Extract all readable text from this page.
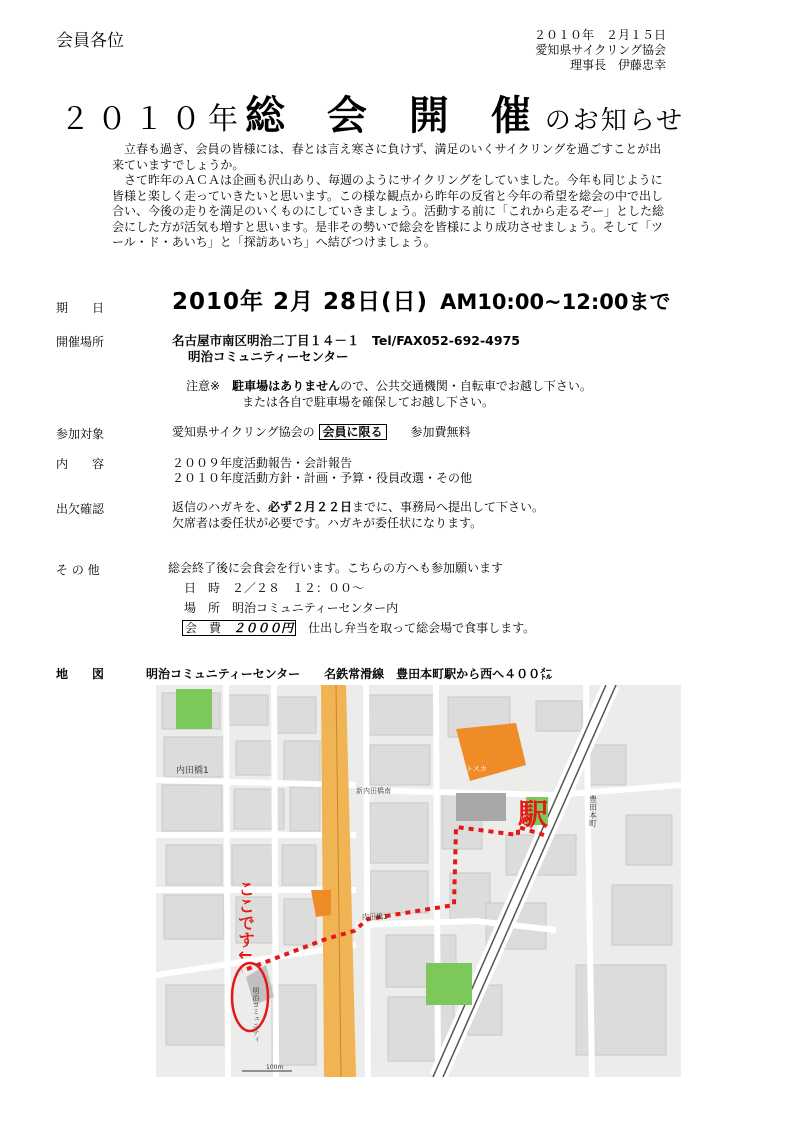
会員各位	２０１０年　２月１５日
愛知県サイクリング協会
理事長　伊藤忠幸
２０１０年総 会 開 催のお知らせ

立春も過ぎ、会員の皆様には、春とは言え寒さに負けず、満足のいくサイクリングを過ごすことが出来ていますでしょうか。

さて昨年のＡＣＡは企画も沢山あり、毎週のようにサイクリングをしていました。今年も同じように皆様と楽しく走っていきたいと思います。この様な観点から昨年の反省と今年の希望を総会の中で出し合い、今後の走りを満足のいくものにしていきましょう。活動する前に「これから走るぞー」とした総会にした方が活気も増すと思います。是非その勢いで総会を皆様により成功させましょう。そして「ツール・ド・あいち」と「探訪あいち」へ結びつけましょう。

期　　日	2010年 2月 28日(日) AM10:00~12:00まで
開催場所	名古屋市南区明治二丁目１４－１　Tel/FAX052-692-4975
明治コミュニティーセンター
注意※　 駐車場はありませんので、公共交通機関・自転車でお越し下さい。
または各自で駐車場を確保してお越し下さい。
参加対象	愛知県サイクリング協会の 会員に限る　　 参加費無料
内　　容	２００９年度活動報告・会計報告
２０１０年度活動方針・計画・予算・役員改選・その他
出欠確認	返信のハガキを、必ず２月２２日までに、事務局へ提出して下さい。
欠席者は委任状が必要です。ハガキが委任状になります。
そ の 他	総会終了後に会食会を行います。こちらの方へも参加願います
日　時　２／２８　１２：００～
場　所　明治コミュニティーセンター内
会　費　 ２０００円　 仕出し弁当を取って総会場で食事します。
地　　図	明治コミュニティーセンター　　 名鉄常滑線　 豊田本町駅から西へ４００㍍
駅
ここです↓
内田橋1	トスカ
新内田橋南
豊田本町
内田橋1
明治コミュニティ
100m
